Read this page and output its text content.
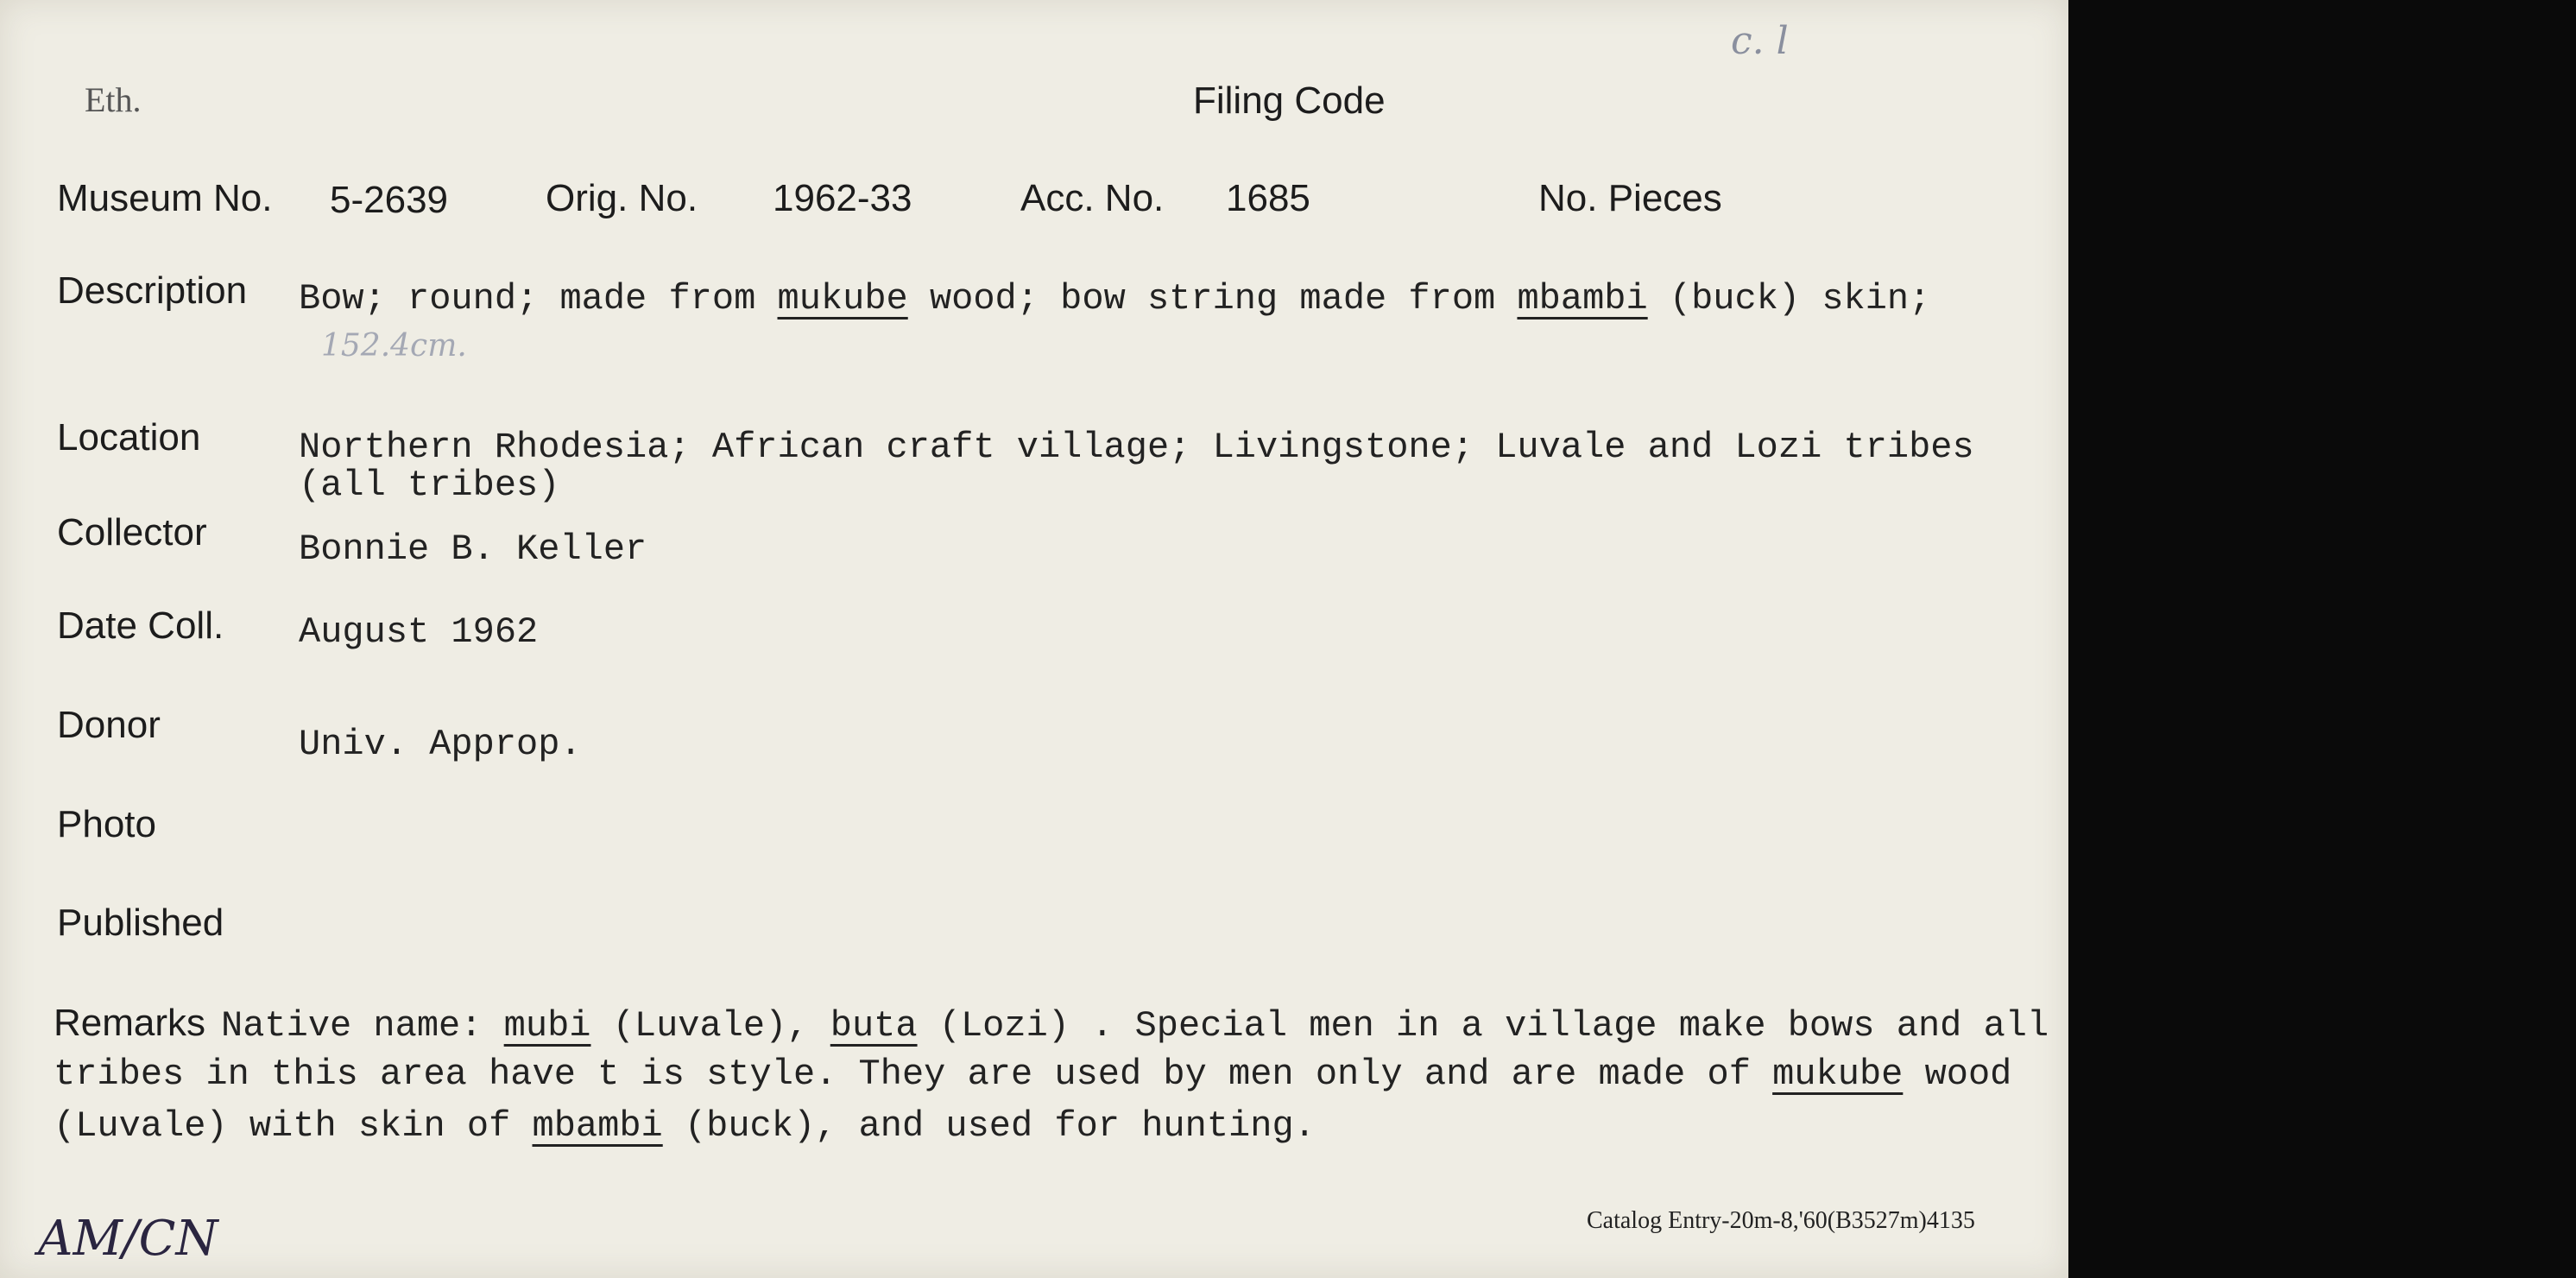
Eth.
c. l
Filing Code
Museum No. 5-2639	Orig. No. 1962-33	Acc. No. 1685	No. Pieces
Description Bow; round; made from mukube wood; bow string made from mbambi (buck) skin;
152.4cm.
Location	Northern Rhodesia; African craft village; Livingstone; Luvale and Lozi tribes
(all tribes)
Collector	Bonnie B. Keller
Date Coll. August 1962
Donor	Univ. Approp.
Photo
Published
Remarks Native name: mubi (Luvale), buta (Lozi) . Special men in a village make bows and all
tribes in this area have t is style. They are used by men only and are made of mukube wood
(Luvale) with skin of mbambi (buck), and used for hunting.
Catalog Entry-20m-8,'60(B3527m)4135
AM/CN
